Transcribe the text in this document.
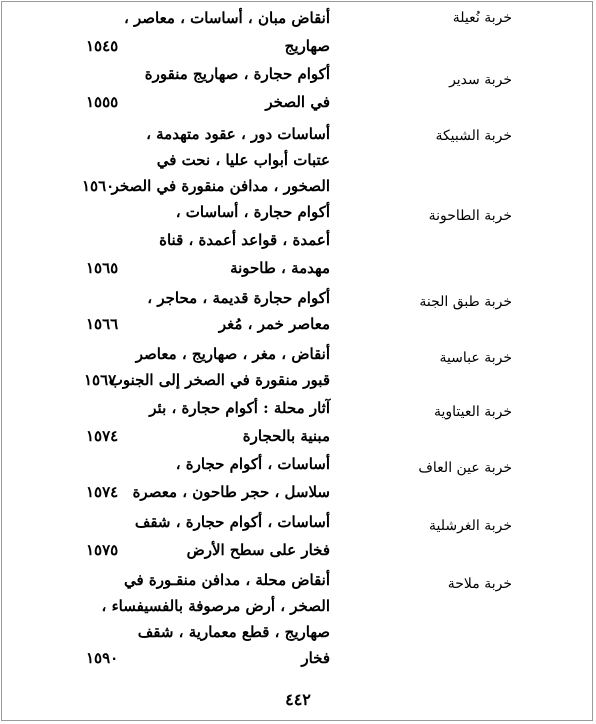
خربة نُعيلة
أنقاض مبان ، أساسات ، معاصر ،
صهاريج
١٥٤٥
خربة سدير
أكوام حجارة ، صهاريج منقورة
في الصخر
١٥٥٥
خربة الشبيكة
أساسات دور ، عقود متهدمة ،
عتبات أبواب عليا ، نحت في
الصخور ، مدافن منقورة في الصخر
١٥٦٠
خربة الطاحونة
أكوام حجارة ، أساسات ،
أعمدة ، قواعد أعمدة ، قناة
مهدمة ، طاحونة
١٥٦٥
خربة طبق الجنة
أكوام حجارة قديمة ، محاجر ،
معاصر خمر ، مُغر
١٥٦٦
خربة عباسية
أنقاض ، مغر ، صهاريج ، معاصر
قبور منقورة في الصخر إلى الجنوب
١٥٦٧
خربة العيتاوية
آثار محلة : أكوام حجارة ، بئر
مبنية بالحجارة
١٥٧٤
خربة عين العاف
أساسات ، أكوام حجارة ،
سلاسل ، حجر طاحون ، معصرة
١٥٧٤
خربة الغرشلية
أساسات ، أكوام حجارة ، شقف
فخار على سطح الأرض
١٥٧٥
خربة ملاحة
أنقاض محلة ، مدافن منقـورة في
الصخر ، أرض مرصوفة بالفسيفساء ،
صهاريج ، قطع معمارية ، شقف
فخار
١٥٩٠
٤٤٢
